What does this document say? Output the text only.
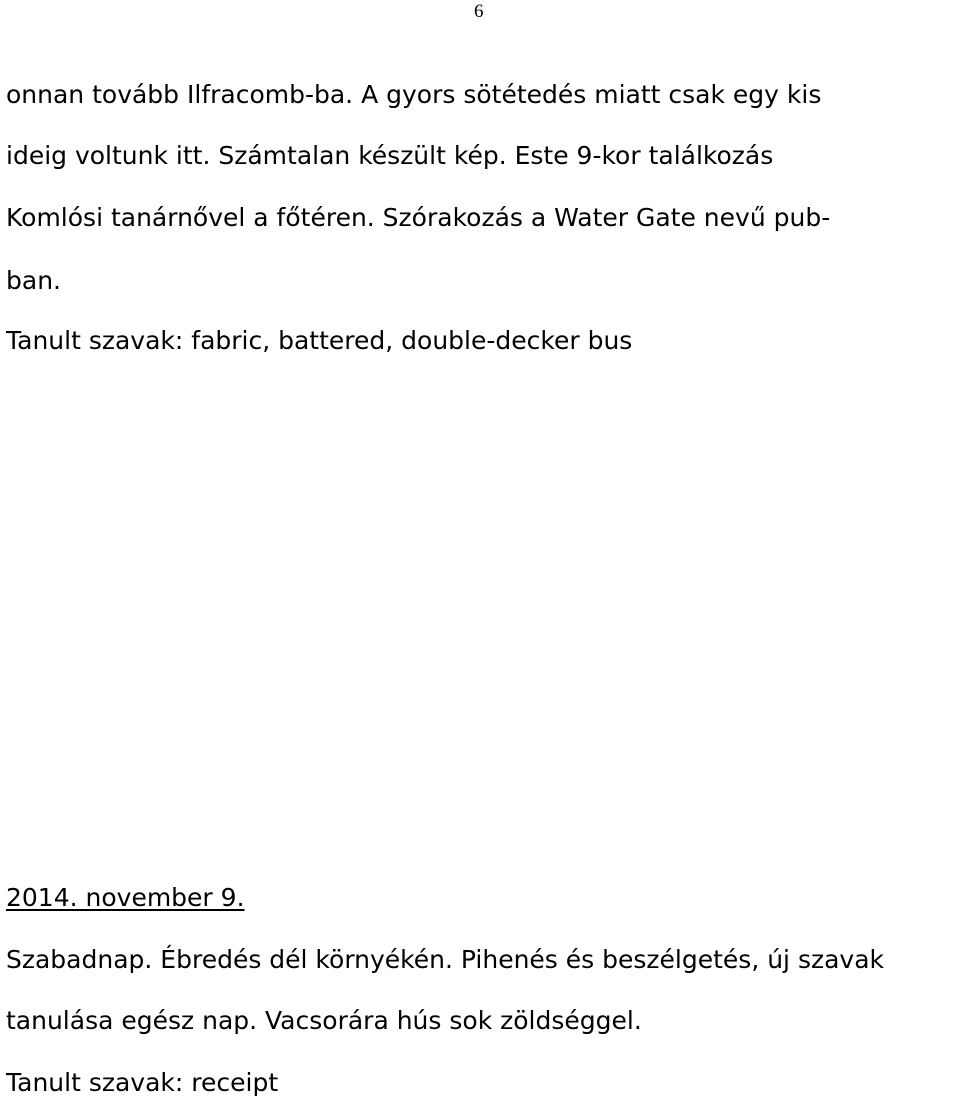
6

onnan tovább Ilfracomb-ba. A gyors sötétedés miatt csak egy kis

ideig voltunk itt. Számtalan készült kép. Este 9-kor találkozás

Komlósi tanárnővel a főtéren. Szórakozás a Water Gate nevű pub-

ban.

Tanult szavak: fabric, battered, double-decker bus

2014. november 9.

Szabadnap. Ébredés dél környékén. Pihenés és beszélgetés, új szavak

tanulása egész nap. Vacsorára hús sok zöldséggel.

Tanult szavak: receipt
